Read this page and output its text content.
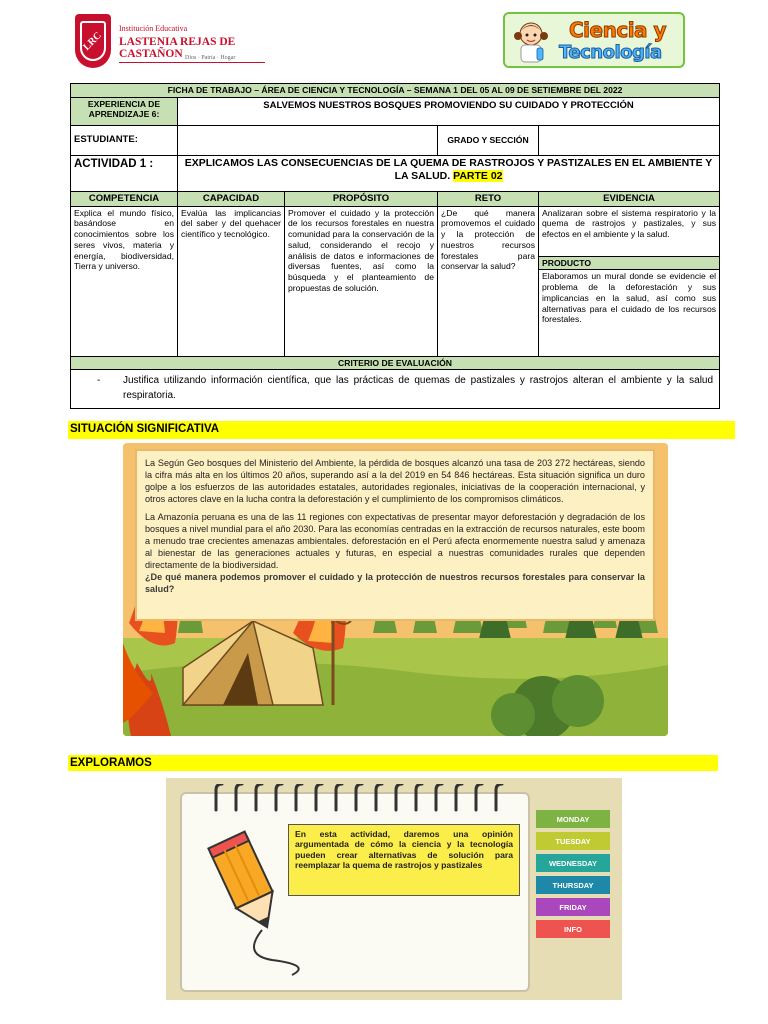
LRC
Institución Educativa
LASTENIA REJAS DE CASTAÑON Dios · Patria · Hogar
Ciencia y
Tecnología
FICHA DE TRABAJO – ÁREA DE CIENCIA Y TECNOLOGÍA – SEMANA 1 DEL 05 AL 09 DE SETIEMBRE DEL 2022				
EXPERIENCIA DE APRENDIZAJE 6:	SALVEMOS NUESTROS BOSQUES PROMOVIENDO SU CUIDADO Y PROTECCIÓN			
ESTUDIANTE:			GRADO Y SECCIÓN	
ACTIVIDAD 1 :	EXPLICAMOS LAS CONSECUENCIAS DE LA QUEMA DE RASTROJOS Y PASTIZALES EN EL AMBIENTE Y LA SALUD. PARTE 02			
COMPETENCIA	CAPACIDAD	PROPÓSITO	RETO	EVIDENCIA
Explica el mundo físico, basándose en conocimientos sobre los seres vivos, materia y energía, biodiversidad, Tierra y universo.	Evalúa las implicancias del saber y del quehacer científico y tecnológico.	Promover el cuidado y la protección de los recursos forestales en nuestra comunidad para la conservación de la salud, considerando el recojo y análisis de datos e informaciones de diversas fuentes, así como la búsqueda y el planteamiento de propuestas de solución.	¿De qué manera promovemos el cuidado y la protección de nuestros recursos forestales para conservar la salud?	Analizaran sobre el sistema respiratorio y la quema de rastrojos y pastizales, y sus efectos en el ambiente y la salud.
				PRODUCTO
				Elaboramos un mural donde se evidencie el problema de la deforestación y sus implicancias en la salud, así como sus alternativas para el cuidado de los recursos forestales.
CRITERIO DE EVALUACIÓN				

- Justifica utilizando información científica, que las prácticas de quemas de pastizales y rastrojos alteran el ambiente y la salud respiratoria.				
SITUACIÓN SIGNIFICATIVA

La Según Geo bosques del Ministerio del Ambiente, la pérdida de bosques alcanzó una tasa de 203 272 hectáreas, siendo la cifra más alta en los últimos 20 años, superando así a la del 2019 en 54 846 hectáreas. Esta situación significa un duro golpe a los esfuerzos de las autoridades estatales, autoridades regionales, iniciativas de la cooperación internacional, y otros actores clave en la lucha contra la deforestación y el cumplimiento de los compromisos climáticos.

La Amazonía peruana es una de las 11 regiones con expectativas de presentar mayor deforestación y degradación de los bosques a nivel mundial para el año 2030. Para las economías centradas en la extracción de recursos naturales, este boom a menudo trae crecientes amenazas ambientales. deforestación en el Perú afecta enormemente nuestra salud y amenaza al bienestar de las generaciones actuales y futuras, en especial a nuestras comunidades rurales que dependen directamente de la biodiversidad.

¿De qué manera podemos promover el cuidado y la protección de nuestros recursos forestales para conservar la salud?

EXPLORAMOS
En esta actividad, daremos una opinión argumentada de cómo la ciencia y la tecnología pueden crear alternativas de solución para reemplazar la quema de rastrojos y pastizales
MONDAY
TUESDAY
WEDNESDAY
THURSDAY
FRIDAY
INFO
